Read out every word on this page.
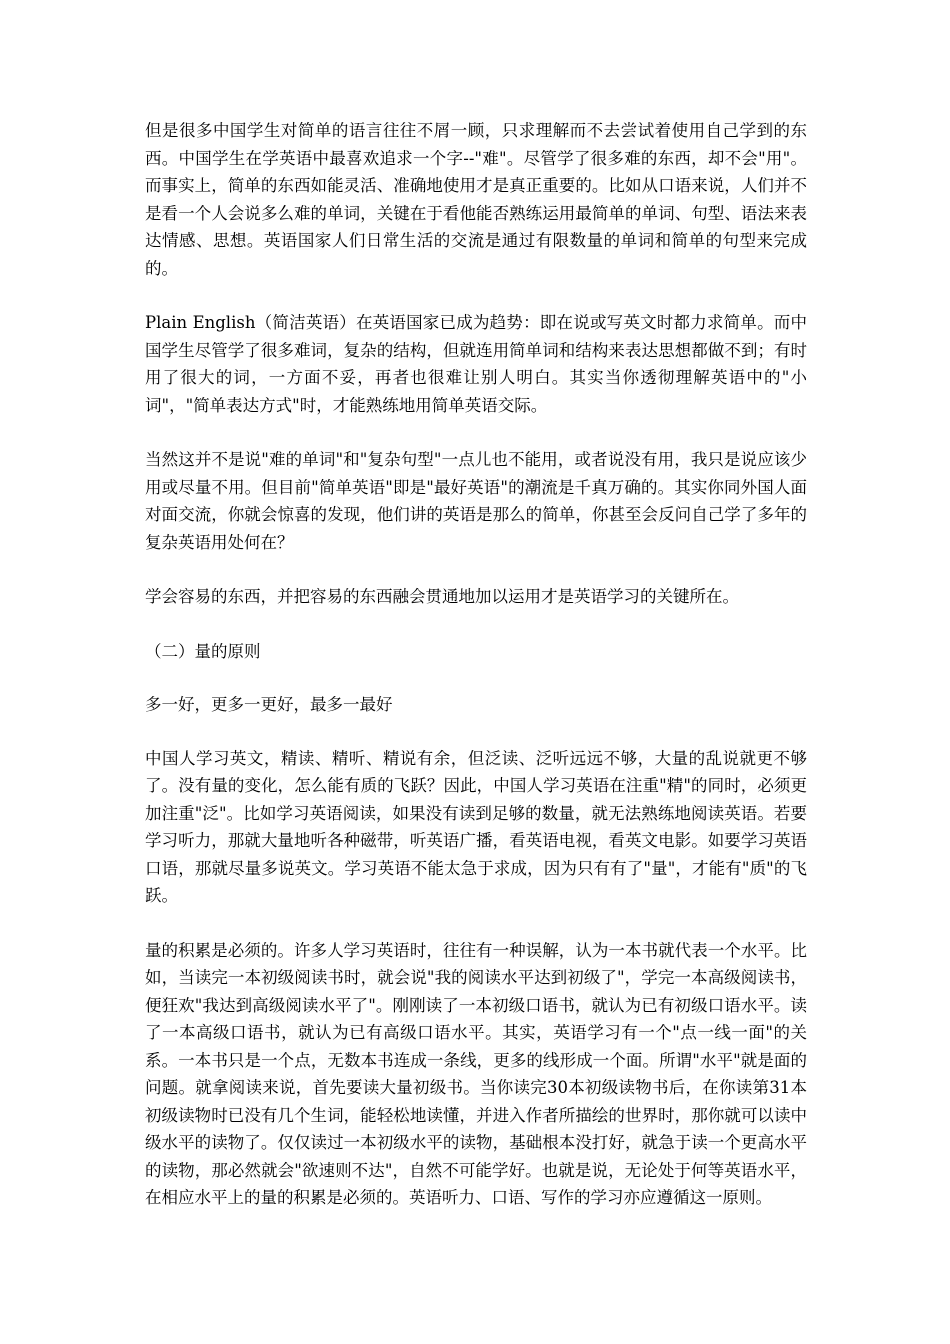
但是很多中国学生对简单的语言往往不屑一顾，只求理解而不去尝试着使用自己学到的东西。中国学生在学英语中最喜欢追求一个字--"难"。尽管学了很多难的东西，却不会"用"。而事实上，简单的东西如能灵活、准确地使用才是真正重要的。比如从口语来说，人们并不是看一个人会说多么难的单词，关键在于看他能否熟练运用最简单的单词、句型、语法来表达情感、思想。英语国家人们日常生活的交流是通过有限数量的单词和简单的句型来完成的。

Plain English（简洁英语）在英语国家已成为趋势：即在说或写英文时都力求简单。而中国学生尽管学了很多难词，复杂的结构，但就连用简单词和结构来表达思想都做不到；有时用了很大的词，一方面不妥，再者也很难让别人明白。其实当你透彻理解英语中的"小词"，"简单表达方式"时，才能熟练地用简单英语交际。

当然这并不是说"难的单词"和"复杂句型"一点儿也不能用，或者说没有用，我只是说应该少用或尽量不用。但目前"简单英语"即是"最好英语"的潮流是千真万确的。其实你同外国人面对面交流，你就会惊喜的发现，他们讲的英语是那么的简单，你甚至会反问自己学了多年的复杂英语用处何在？

学会容易的东西，并把容易的东西融会贯通地加以运用才是英语学习的关键所在。

（二）量的原则

多一好，更多一更好，最多一最好

中国人学习英文，精读、精听、精说有余，但泛读、泛听远远不够，大量的乱说就更不够了。没有量的变化，怎么能有质的飞跃？因此，中国人学习英语在注重"精"的同时，必须更加注重"泛"。比如学习英语阅读，如果没有读到足够的数量，就无法熟练地阅读英语。若要学习听力，那就大量地听各种磁带，听英语广播，看英语电视，看英文电影。如要学习英语口语，那就尽量多说英文。学习英语不能太急于求成，因为只有有了"量"，才能有"质"的飞跃。

量的积累是必须的。许多人学习英语时，往往有一种误解，认为一本书就代表一个水平。比如，当读完一本初级阅读书时，就会说"我的阅读水平达到初级了"，学完一本高级阅读书，便狂欢"我达到高级阅读水平了"。刚刚读了一本初级口语书，就认为已有初级口语水平。读了一本高级口语书，就认为已有高级口语水平。其实，英语学习有一个"点一线一面"的关系。一本书只是一个点，无数本书连成一条线，更多的线形成一个面。所谓"水平"就是面的问题。就拿阅读来说，首先要读大量初级书。当你读完30本初级读物书后，在你读第31本初级读物时已没有几个生词，能轻松地读懂，并进入作者所描绘的世界时，那你就可以读中级水平的读物了。仅仅读过一本初级水平的读物，基础根本没打好，就急于读一个更高水平的读物，那必然就会"欲速则不达"，自然不可能学好。也就是说，无论处于何等英语水平，在相应水平上的量的积累是必须的。英语听力、口语、写作的学习亦应遵循这一原则。
